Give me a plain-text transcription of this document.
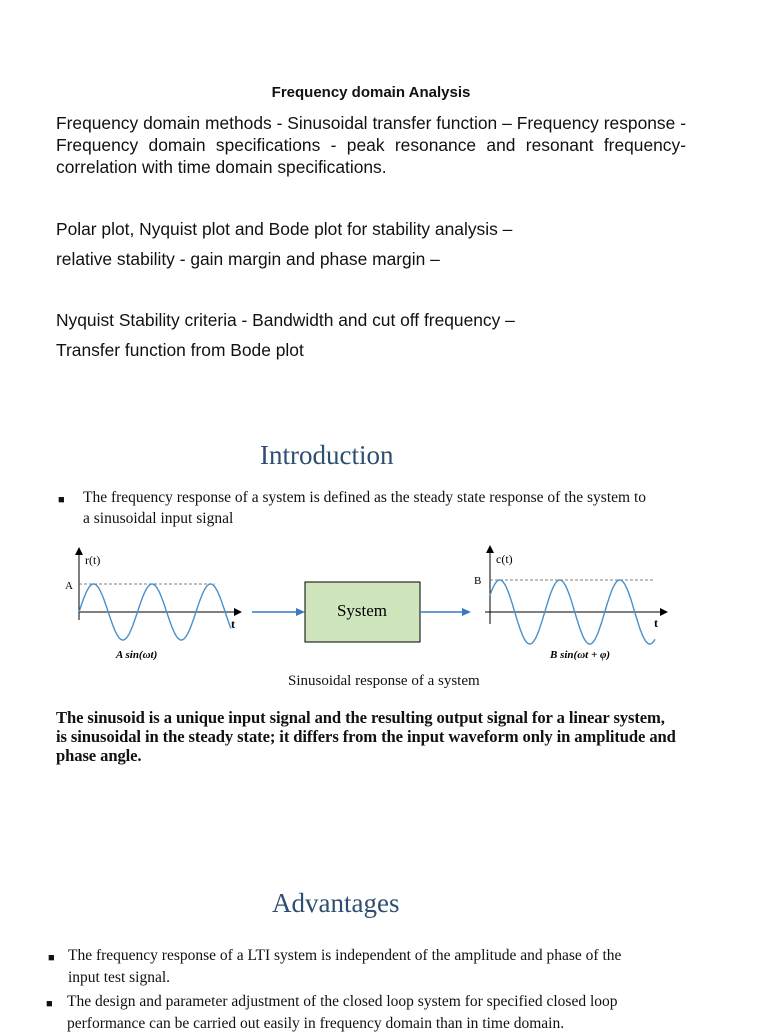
Frequency domain Analysis
Frequency domain methods - Sinusoidal transfer function – Frequency response - Frequency domain specifications - peak resonance and resonant frequency- correlation with time domain specifications.
Polar plot, Nyquist plot and Bode plot for stability analysis –
relative stability - gain margin and phase margin –
Nyquist Stability criteria - Bandwidth and cut off frequency –
Transfer function from Bode plot
Introduction
■ The frequency response of a system is defined as the steady state response of the system to
a sinusoidal input signal
r(t)
A
t
A sin(ωt)
System
c(t)
B
t
B sin(ωt + φ)
Sinusoidal response of a system
The sinusoid is a unique input signal and the resulting output signal for a linear system,
is sinusoidal in the steady state; it differs from the input waveform only in amplitude and
phase angle.
Advantages
■ The frequency response of a LTI system is independent of the amplitude and phase of the
input test signal.
■ The design and parameter adjustment of the closed loop system for specified closed loop
performance can be carried out easily in frequency domain than in time domain.
